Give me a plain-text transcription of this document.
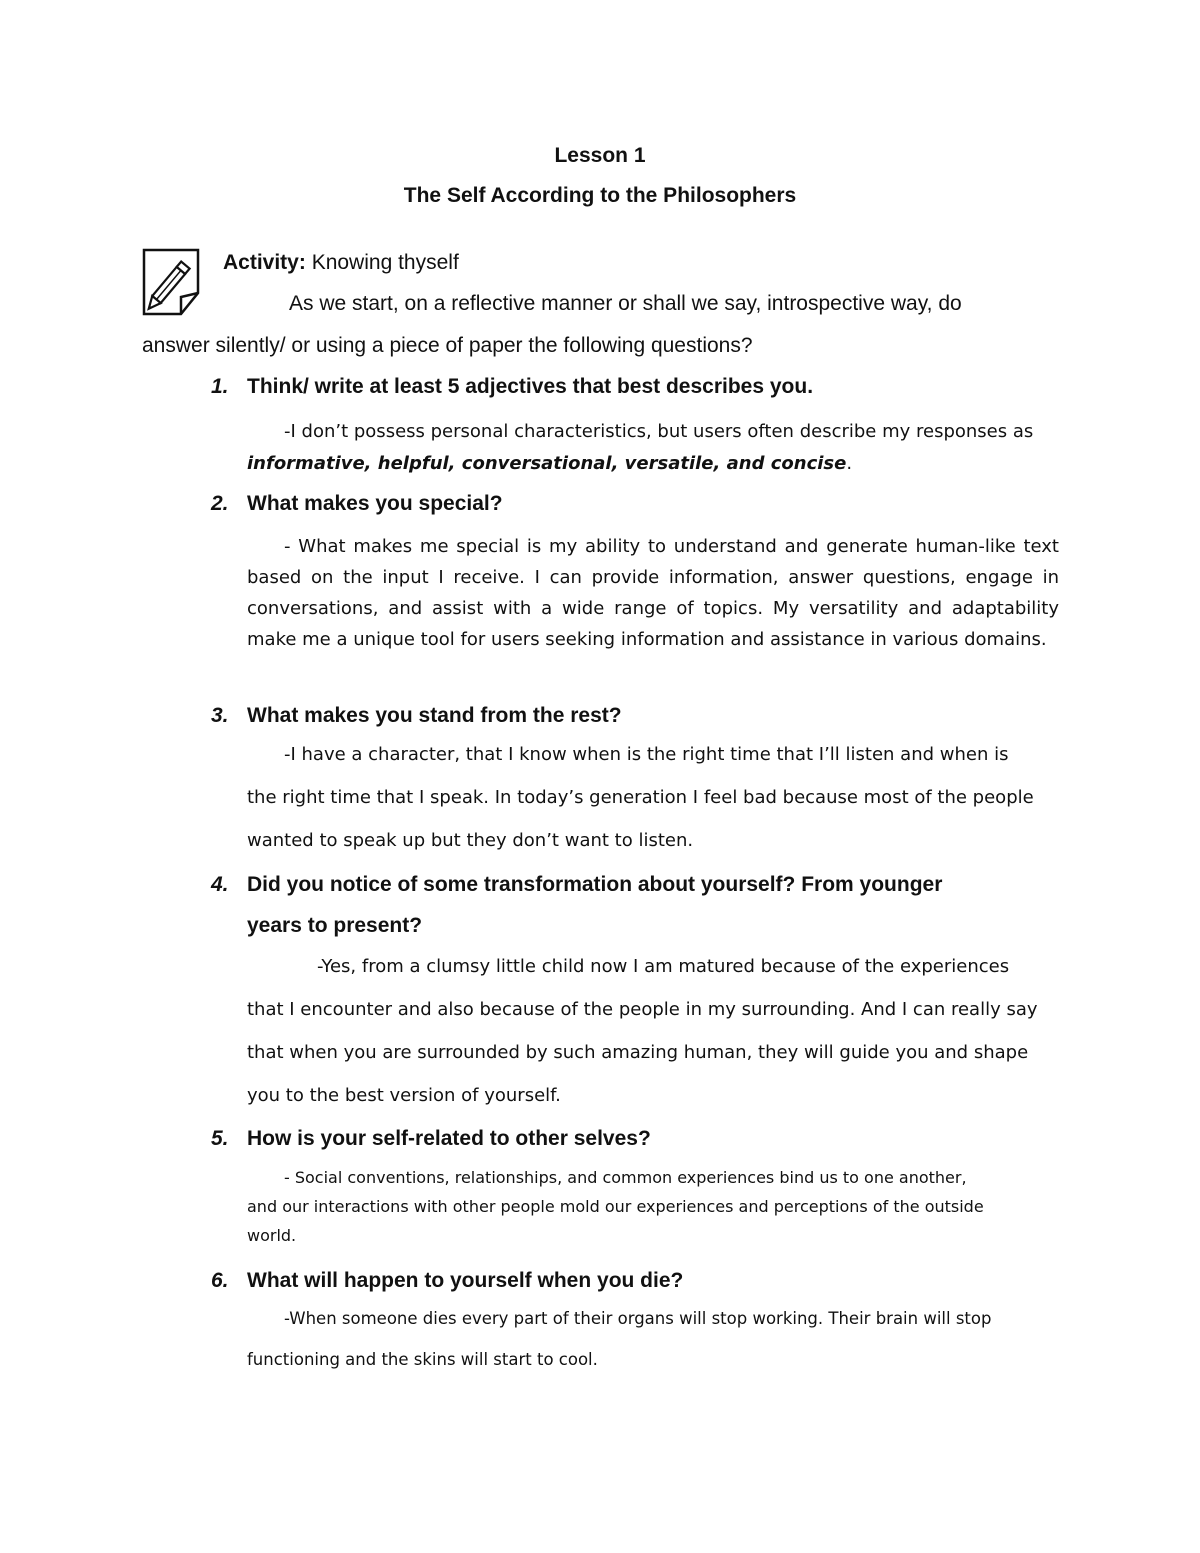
Lesson 1
The Self According to the Philosophers
Activity: Knowing thyself
As we start, on a reflective manner or shall we say, introspective way, do
answer silently/ or using a piece of paper the following questions?
1. Think/ write at least 5 adjectives that best describes you.
-I don’t possess personal characteristics, but users often describe my responses as
informative, helpful, conversational, versatile, and concise.
2. What makes you special?
- What makes me special is my ability to understand and generate human-like text based on the input I receive. I can provide information, answer questions, engage in conversations, and assist with a wide range of topics. My versatility and adaptability make me a unique tool for users seeking information and assistance in various domains.
3. What makes you stand from the rest?
-I have a character, that I know when is the right time that I’ll listen and when is
the right time that I speak. In today’s generation I feel bad because most of the people
wanted to speak up but they don’t want to listen.
4. Did you notice of some transformation about yourself? From younger
years to present?
-Yes, from a clumsy little child now I am matured because of the experiences
that I encounter and also because of the people in my surrounding. And I can really say
that when you are surrounded by such amazing human, they will guide you and shape
you to the best version of yourself.
5. How is your self-related to other selves?
- Social conventions, relationships, and common experiences bind us to one another,
and our interactions with other people mold our experiences and perceptions of the outside
world.
6. What will happen to yourself when you die?
-When someone dies every part of their organs will stop working. Their brain will stop
functioning and the skins will start to cool.
